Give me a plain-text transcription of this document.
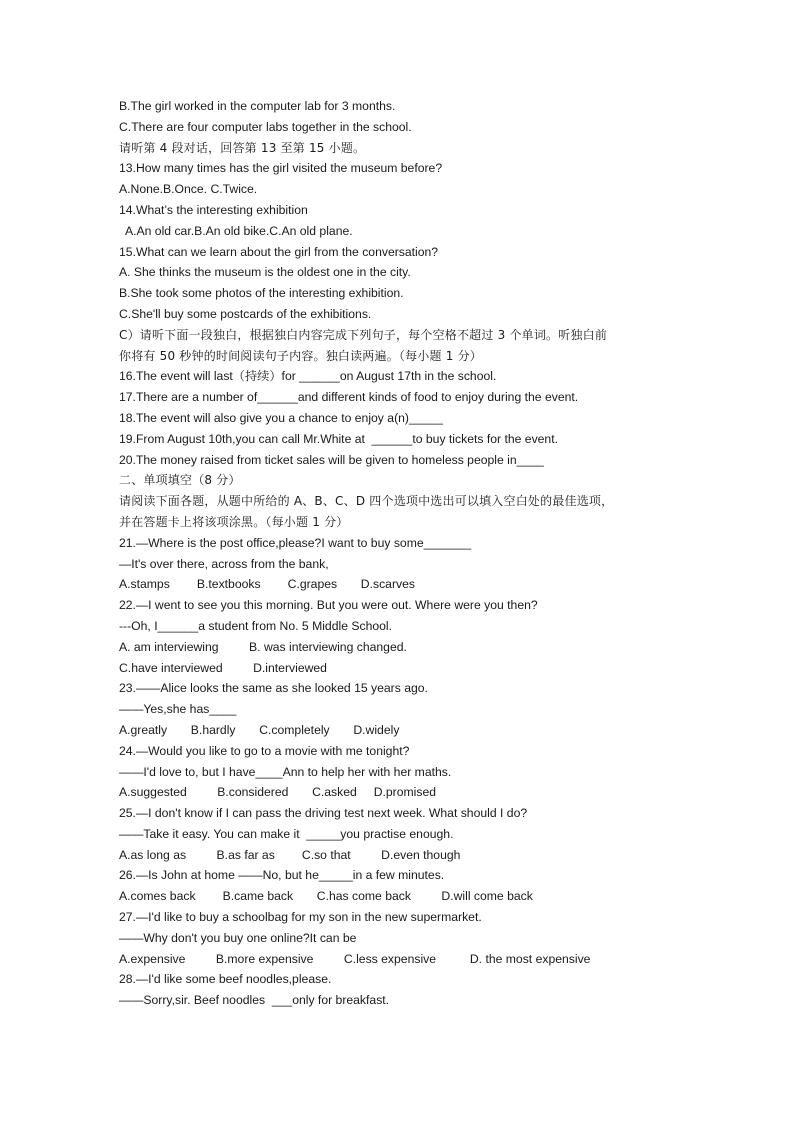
B.The girl worked in the computer lab for 3 months.
C.There are four computer labs together in the school.
请听第 4 段对话，回答第 13 至第 15 小题。
13.How many times has the girl visited the museum before?
A.None.B.Once. C.Twice.
14.What’s the interesting exhibition
A.An old car.B.An old bike.C.An old plane.
15.What can we learn about the girl from the conversation?
A. She thinks the museum is the oldest one in the city.
B.She took some photos of the interesting exhibition.
C.She'll buy some postcards of the exhibitions.
C）请听下面一段独白，根据独白内容完成下列句子，每个空格不超过 3 个单词。听独白前
你将有 50 秒钟的时间阅读句子内容。独白读两遍。（每小题 1 分）
16.The event will last（持续）for ______on August 17th in the school.
17.There are a number of______and different kinds of food to enjoy during the event.
18.The event will also give you a chance to enjoy a(n)_____
19.From August 10th,you can call Mr.White at  ______to buy tickets for the event.
20.The money raised from ticket sales will be given to homeless people in____
二、单项填空（8 分）
请阅读下面各题，从题中所给的 A、B、C、D 四个选项中选出可以填入空白处的最佳选项，
并在答题卡上将该项涂黑。（每小题 1 分）
21.—Where is the post office,please?I want to buy some_______
—It's over there, across from the bank,
A.stamps        B.textbooks        C.grapes       D.scarves
22.—I went to see you this morning. But you were out. Where were you then?
---Oh, I______a student from No. 5 Middle School.
A. am interviewing         B. was interviewing changed.
C.have interviewed         D.interviewed
23.——Alice looks the same as she looked 15 years ago.
——Yes,she has____
A.greatly       B.hardly       C.completely       D.widely
24.—Would you like to go to a movie with me tonight?
——I'd love to, but I have____Ann to help her with her maths.
A.suggested         B.considered       C.asked     D.promised
25.—I don't know if I can pass the driving test next week. What should I do?
——Take it easy. You can make it  _____you practise enough.
A.as long as         B.as far as        C.so that         D.even though
26.—Is John at home ——No, but he_____in a few minutes.
A.comes back        B.came back       C.has come back         D.will come back
27.—I'd like to buy a schoolbag for my son in the new supermarket.
——Why don't you buy one online?It can be
A.expensive         B.more expensive         C.less expensive          D. the most expensive
28.—I'd like some beef noodles,please.
——Sorry,sir. Beef noodles  ___only for breakfast.
